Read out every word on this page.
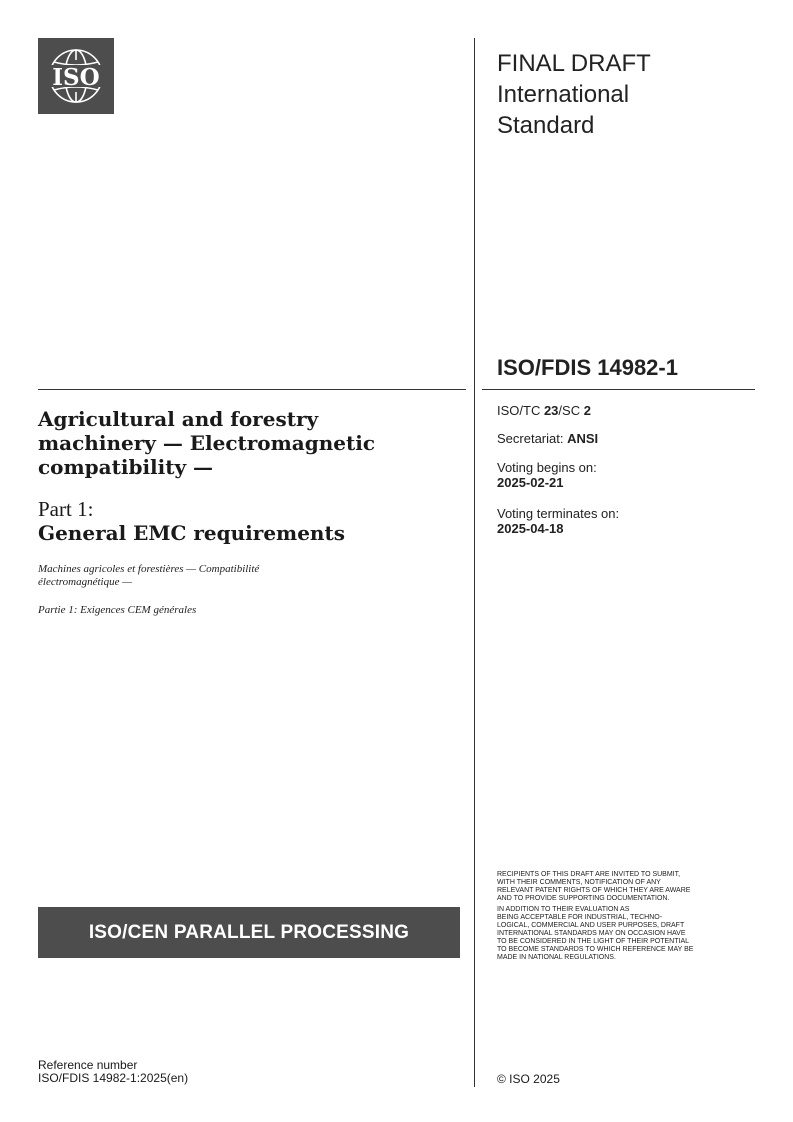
ISO
FINAL DRAFT
International
Standard
ISO/FDIS 14982-1
ISO/TC 23/SC 2
Secretariat: ANSI
Voting begins on:
2025-02-21
Voting terminates on:
2025-04-18
Agricultural and forestry
machinery — Electromagnetic
compatibility —
Part 1:
General EMC requirements
Machines agricoles et forestières — Compatibilité
électromagnétique —
Partie 1: Exigences CEM générales
ISO/CEN PARALLEL PROCESSING

RECIPIENTS OF THIS DRAFT ARE INVITED TO SUBMIT,
WITH THEIR COMMENTS, NOTIFICATION OF ANY
RELEVANT PATENT RIGHTS OF WHICH THEY ARE AWARE
AND TO PROVIDE SUPPORTING DOCUMENTATION.

IN ADDITION TO THEIR EVALUATION AS
BEING ACCEPTABLE FOR INDUSTRIAL, TECHNO-
LOGICAL, COMMERCIAL AND USER PURPOSES, DRAFT
INTERNATIONAL STANDARDS MAY ON OCCASION HAVE
TO BE CONSIDERED IN THE LIGHT OF THEIR POTENTIAL
TO BECOME STANDARDS TO WHICH REFERENCE MAY BE
MADE IN NATIONAL REGULATIONS.

Reference number
ISO/FDIS 14982-1:2025(en)	© ISO 2025
